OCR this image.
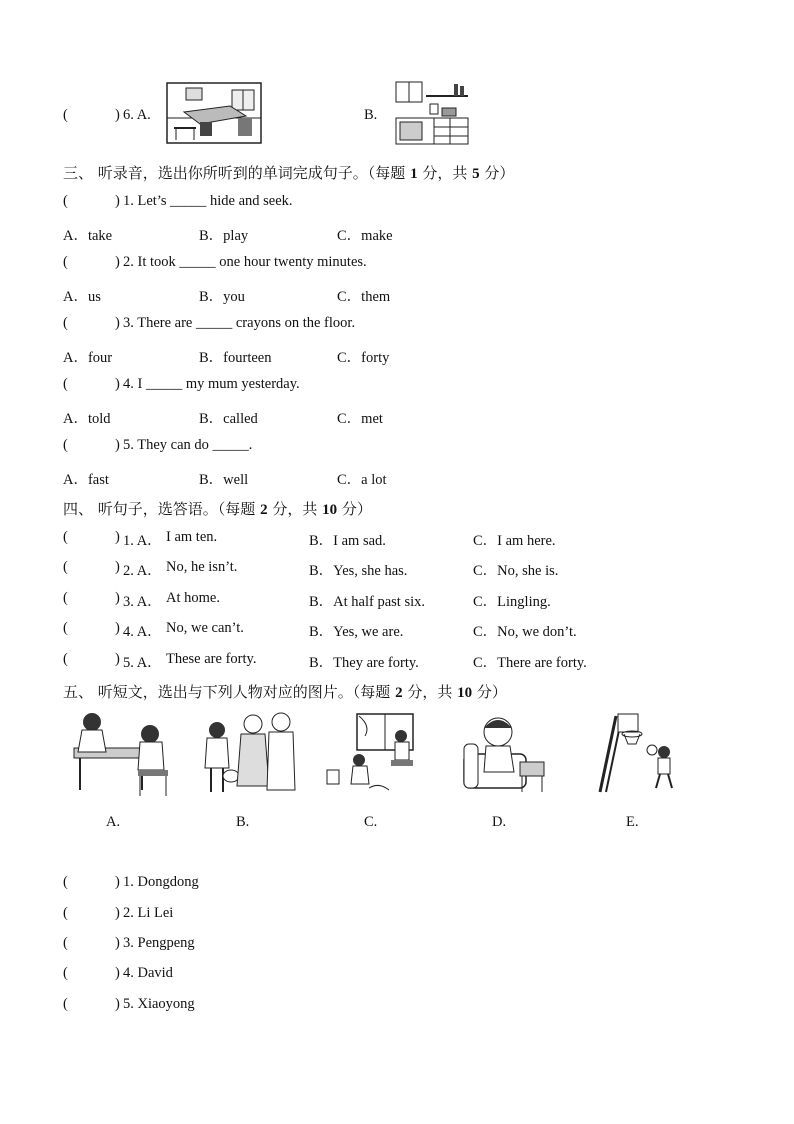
(	) 6. A.	B.
三、 听录音，选出你所听到的单词完成句子。（每题 1 分，共 5 分）
(	) 1. Let’s _____ hide and seek.
A．take	B．play	C．make
(	) 2. It took _____ one hour twenty minutes.
A．us	B．you	C．them
(	) 3. There are _____ crayons on the floor.
A．four	B．fourteen	C．forty
(	) 4. I _____ my mum yesterday.
A．told	B．called	C．met
(	) 5. They can do _____.
A．fast	B．well	C．a lot
四、 听句子，选答语。（每题 2 分，共 10 分）
(	) 1. A． I am ten.	B．I am sad.	C．I am here.
(	) 2. A． No, he isn’t.	B．Yes, she has.	C．No, she is.
(	) 3. A． At home.	B．At half past six.	C．Lingling.
(	) 4. A． No, we can’t.	B．Yes, we are.	C．No, we don’t.
(	) 5. A． These are forty.	B．They are forty.	C．There are forty.
五、 听短文，选出与下列人物对应的图片。（每题 2 分，共 10 分）
A.	B.	C.	D.	E.
(	) 1. Dongdong
(	) 2. Li Lei
(	) 3. Pengpeng
(	) 4. David
(	) 5. Xiaoyong
